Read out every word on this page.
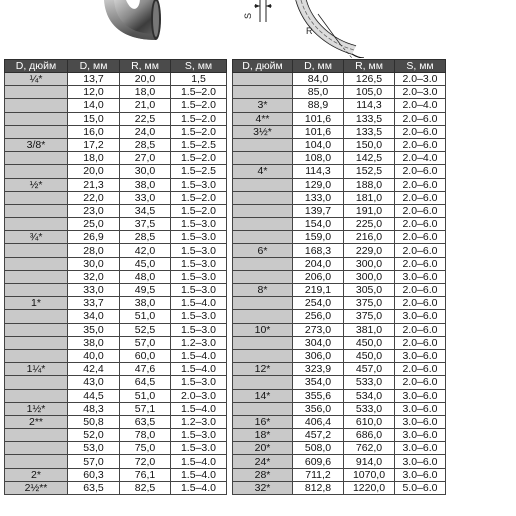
S
R
D, дюйм	D, мм	R, мм	S, мм
¼*	13,7	20,0	1,5
	12,0	18,0	1.5–2.0
	14,0	21,0	1.5–2.0
	15,0	22,5	1.5–2.0
	16,0	24,0	1.5–2.0
3/8*	17,2	28,5	1.5–2.5
	18,0	27,0	1.5–2.0
	20,0	30,0	1.5–2.5
½*	21,3	38,0	1.5–3.0
	22,0	33,0	1.5–2.0
	23,0	34,5	1.5–2.0
	25,0	37,5	1.5–3.0
¾*	26,9	28,5	1.5–3.0
	28,0	42,0	1.5–3.0
	30,0	45,0	1.5–3.0
	32,0	48,0	1.5–3.0
	33,0	49,5	1.5–3.0
1*	33,7	38,0	1.5–4.0
	34,0	51,0	1.5–3.0
	35,0	52,5	1.5–3.0
	38,0	57,0	1.2–3.0
	40,0	60,0	1.5–4.0
1¼*	42,4	47,6	1.5–4.0
	43,0	64,5	1.5–3.0
	44,5	51,0	2.0–3.0
1½*	48,3	57,1	1.5–4.0
2**	50,8	63,5	1.2–3.0
	52,0	78,0	1.5–3.0
	53,0	75,0	1.5–3.0
	57,0	72,0	1.5–4.0
2*	60,3	76,1	1.5–4.0
2½**	63,5	82,5	1.5–4.0
D, дюйм	D, мм	R, мм	S, мм
	84,0	126,5	2.0–3.0
	85,0	105,0	2.0–3.0
3*	88,9	114,3	2.0–4.0
4**	101,6	133,5	2.0–6.0
3½*	101,6	133,5	2.0–6.0
	104,0	150,0	2.0–6.0
	108,0	142,5	2.0–4.0
4*	114,3	152,5	2.0–6.0
	129,0	188,0	2.0–6.0
	133,0	181,0	2.0–6.0
	139,7	191,0	2.0–6.0
	154,0	225,0	2.0–6.0
	159,0	216,0	2.0–6.0
6*	168,3	229,0	2.0–6.0
	204,0	300,0	2.0–6.0
	206,0	300,0	3.0–6.0
8*	219,1	305,0	2.0–6.0
	254,0	375,0	2.0–6.0
	256,0	375,0	3.0–6.0
10*	273,0	381,0	2.0–6.0
	304,0	450,0	2.0–6.0
	306,0	450,0	3.0–6.0
12*	323,9	457,0	2.0–6.0
	354,0	533,0	2.0–6.0
14*	355,6	534,0	3.0–6.0
	356,0	533,0	3.0–6.0
16*	406,4	610,0	3.0–6.0
18*	457,2	686,0	3.0–6.0
20*	508,0	762,0	3.0–6.0
24*	609,6	914,0	3.0–6.0
28*	711,2	1070,0	3.0–6.0
32*	812,8	1220,0	5.0–6.0
